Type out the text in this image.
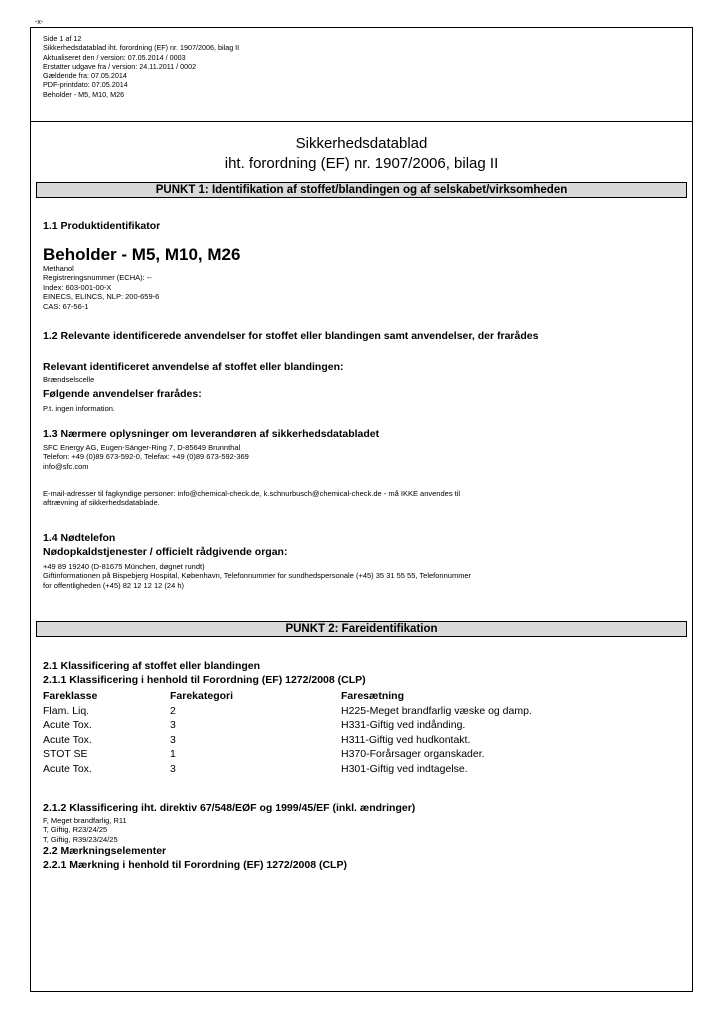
-x-
Side 1 af 12
Sikkerhedsdatablad iht. forordning (EF) nr. 1907/2006, bilag II
Aktualiseret den / version: 07.05.2014 / 0003
Erstatter udgave fra / version: 24.11.2011 / 0002
Gældende fra: 07.05.2014
PDF-printdato: 07.05.2014
Beholder - M5, M10, M26
Sikkerhedsdatablad
iht. forordning (EF) nr. 1907/2006, bilag II
PUNKT 1: Identifikation af stoffet/blandingen og af selskabet/virksomheden
1.1 Produktidentifikator
Beholder - M5, M10, M26
Methanol
Registreringsnummer (ECHA): --
Index: 603-001-00-X
EINECS, ELINCS, NLP: 200-659-6
CAS: 67-56-1
1.2 Relevante identificerede anvendelser for stoffet eller blandingen samt anvendelser, der frarådes
Relevant identificeret anvendelse af stoffet eller blandingen:
Brændselscelle
Følgende anvendelser frarådes:
P.t. ingen information.
1.3 Nærmere oplysninger om leverandøren af sikkerhedsdatabladet
SFC Energy AG, Eugen-Sänger-Ring 7, D-85649 Brunnthal
Telefon: +49 (0)89 673-592-0, Telefax: +49 (0)89 673-592-369
info@sfc.com
E-mail-adresser til fagkyndige personer: info@chemical-check.de, k.schnurbusch@chemical-check.de - må IKKE anvendes til
aftrævning af sikkerhedsdatablade.
1.4 Nødtelefon
Nødopkaldstjenester / officielt rådgivende organ:
+49 89 19240 (D-81675 München, døgnet rundt)
Giftinformationen på Bispebjerg Hospital, København, Telefonnummer for sundhedspersonale (+45) 35 31 55 55, Telefonnummer
for offentligheden (+45) 82 12 12 12 (24 h)
PUNKT 2: Fareidentifikation
2.1 Klassificering af stoffet eller blandingen
2.1.1 Klassificering i henhold til Forordning (EF) 1272/2008 (CLP)
Fareklasse	Farekategori	Faresætning
Flam. Liq.	2	H225-Meget brandfarlig væske og damp.
Acute Tox.	3	H331-Giftig ved indånding.
Acute Tox.	3	H311-Giftig ved hudkontakt.
STOT SE	1	H370-Forårsager organskader.
Acute Tox.	3	H301-Giftig ved indtagelse.
2.1.2 Klassificering iht. direktiv 67/548/EØF og 1999/45/EF (inkl. ændringer)
F, Meget brandfarlig, R11
T, Giftig, R23/24/25
T, Giftig, R39/23/24/25
2.2 Mærkningselementer
2.2.1 Mærkning i henhold til Forordning (EF) 1272/2008 (CLP)
